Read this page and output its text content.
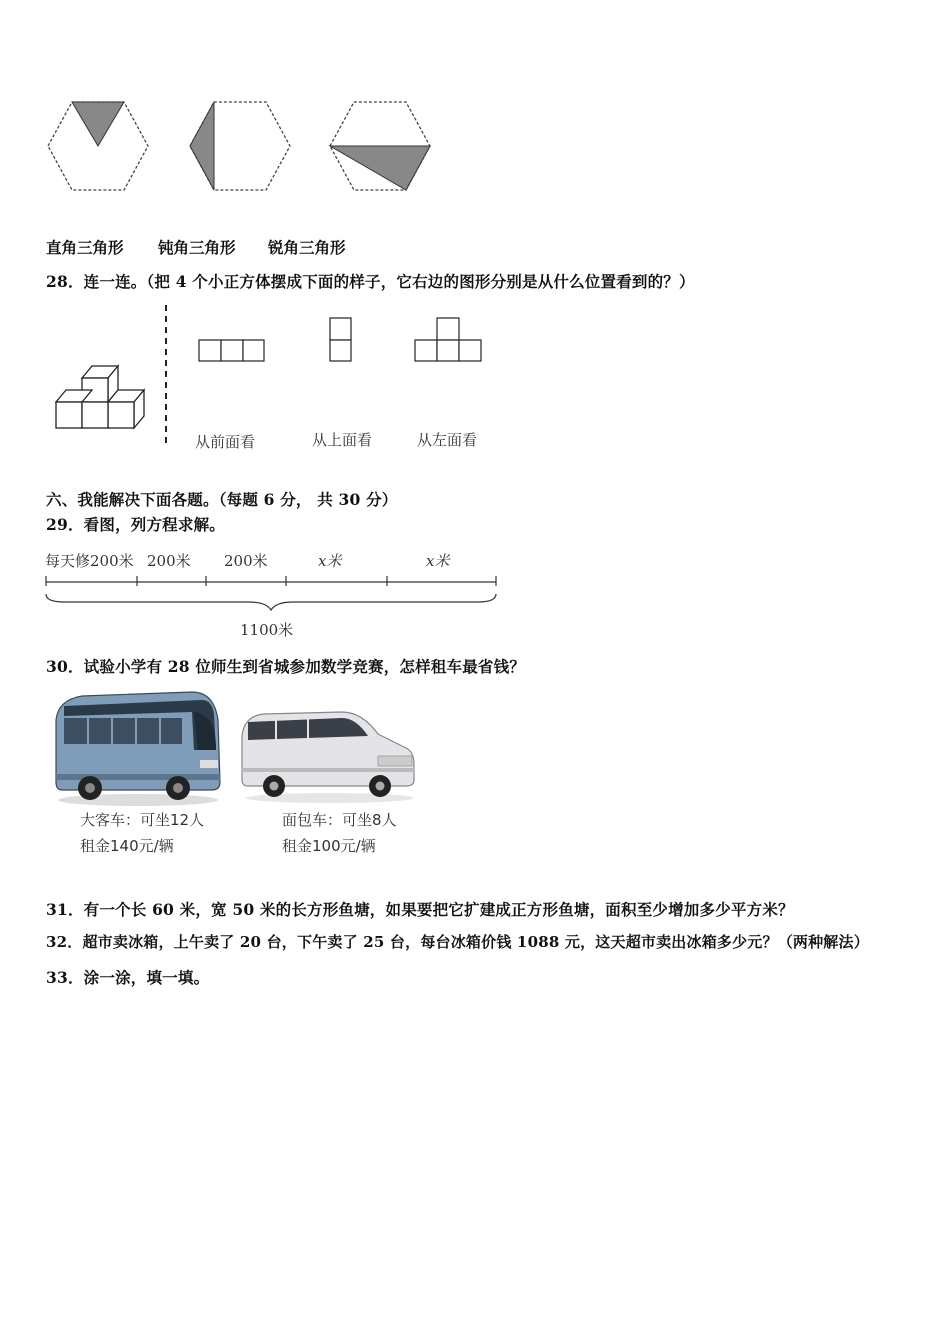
直角三角形 钝角三角形 锐角三角形
28．连一连。（把 4 个小正方体摆成下面的样子，它右边的图形分别是从什么位置看到的？）
从前面看	从上面看	从左面看
六、我能解决下面各题。（每题 6 分， 共 30 分）
29．看图，列方程求解。
每天修200米 200米 200米	x米	x米
1100米
30．试验小学有 28 位师生到省城参加数学竞赛，怎样租车最省钱？
大客车：可坐12人
租金140元/辆
面包车：可坐8人
租金100元/辆
31．有一个长 60 米，宽 50 米的长方形鱼塘，如果要把它扩建成正方形鱼塘，面积至少增加多少平方米？
32．超市卖冰箱，上午卖了 20 台，下午卖了 25 台，每台冰箱价钱 1088 元，这天超市卖出冰箱多少元？（两种解法）
33．涂一涂，填一填。
